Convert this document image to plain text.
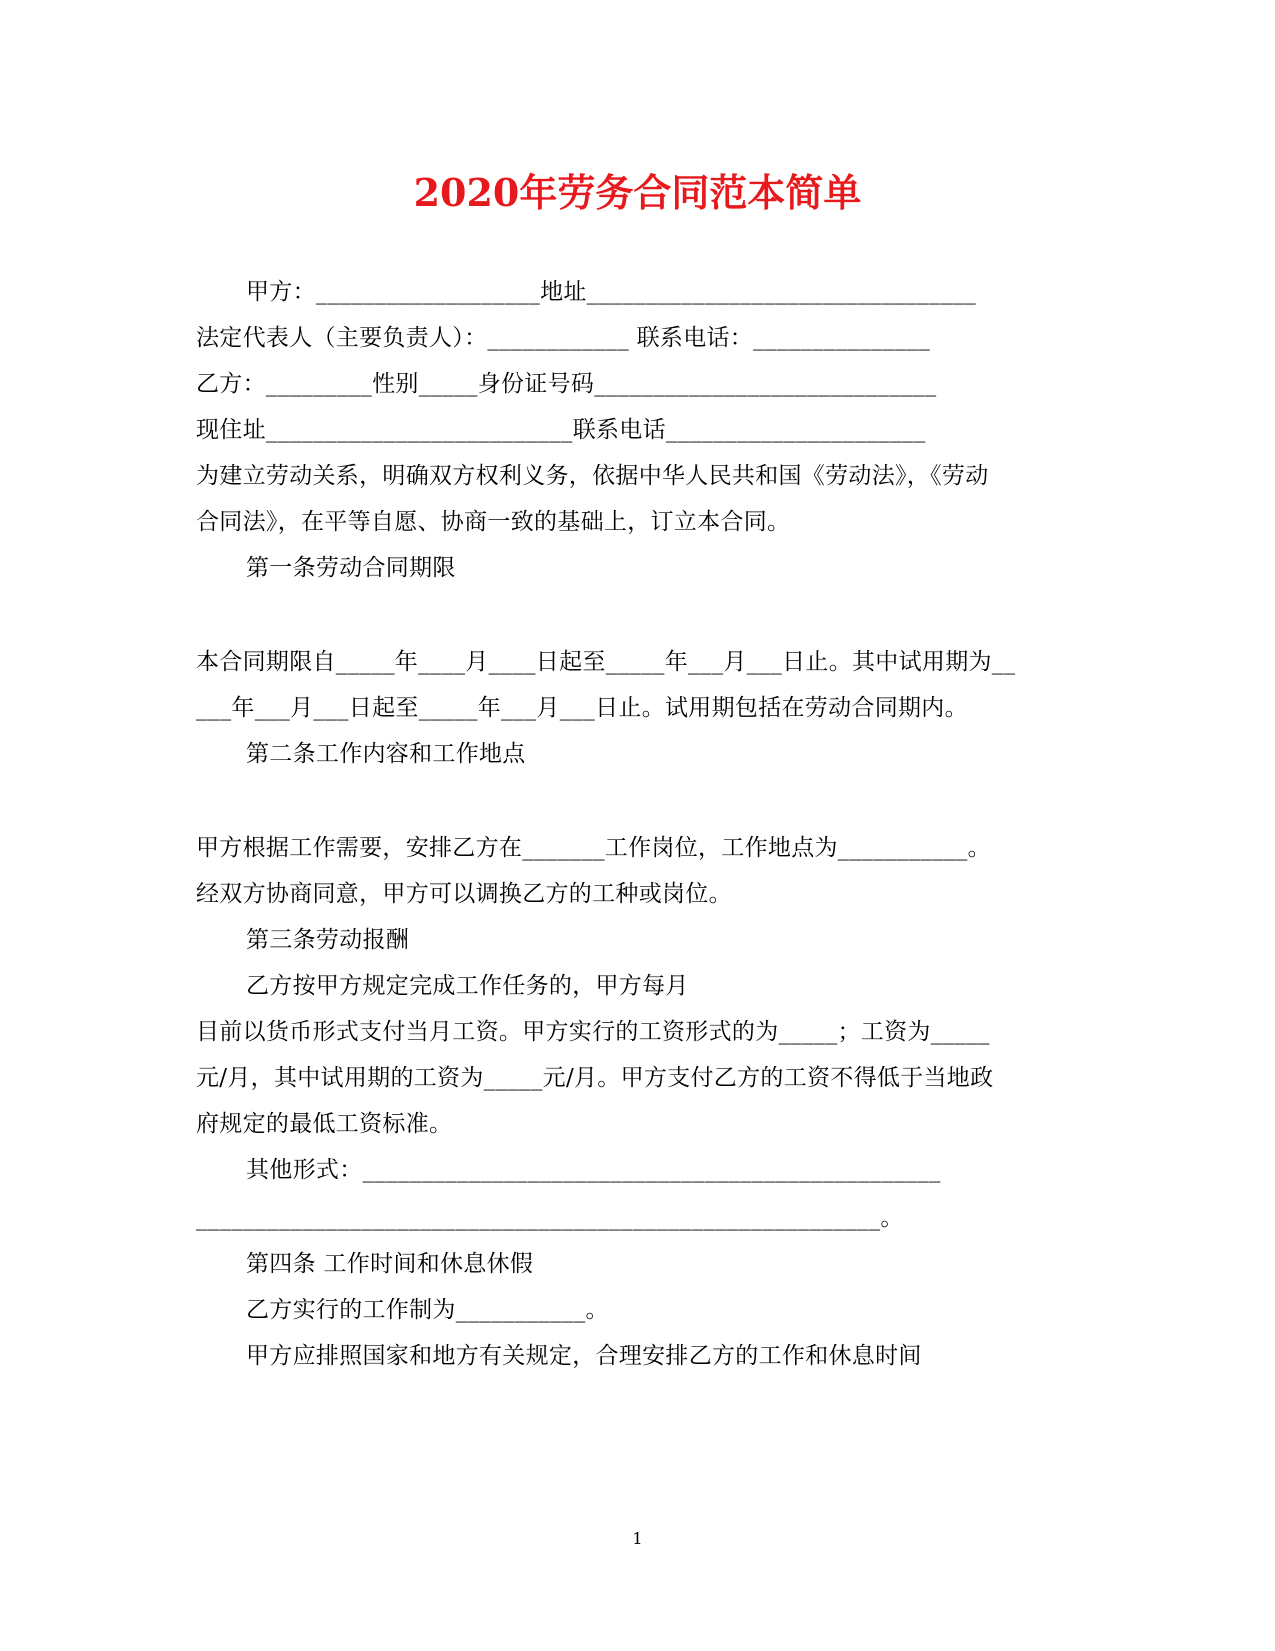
2020年劳务合同范本简单
甲方：___________________地址_________________________________
法定代表人（主要负责人）：____________ 联系电话：_______________
乙方：_________性别_____身份证号码_____________________________
现住址__________________________联系电话______________________
为建立劳动关系，明确双方权利义务，依据中华人民共和国《劳动法》，《劳动
合同法》，在平等自愿、协商一致的基础上，订立本合同。
第一条劳动合同期限
本合同期限自_____年____月____日起至_____年___月___日止。其中试用期为__
___年___月___日起至_____年___月___日止。试用期包括在劳动合同期内。
第二条工作内容和工作地点
甲方根据工作需要，安排乙方在_______工作岗位，工作地点为___________。
经双方协商同意，甲方可以调换乙方的工种或岗位。
第三条劳动报酬
乙方按甲方规定完成工作任务的，甲方每月
目前以货币形式支付当月工资。甲方实行的工资形式的为_____；工资为_____
元/月，其中试用期的工资为_____元/月。甲方支付乙方的工资不得低于当地政
府规定的最低工资标准。
其他形式：_________________________________________________
__________________________________________________________。
第四条 工作时间和休息休假
乙方实行的工作制为___________。
甲方应排照国家和地方有关规定，合理安排乙方的工作和休息时间
1
